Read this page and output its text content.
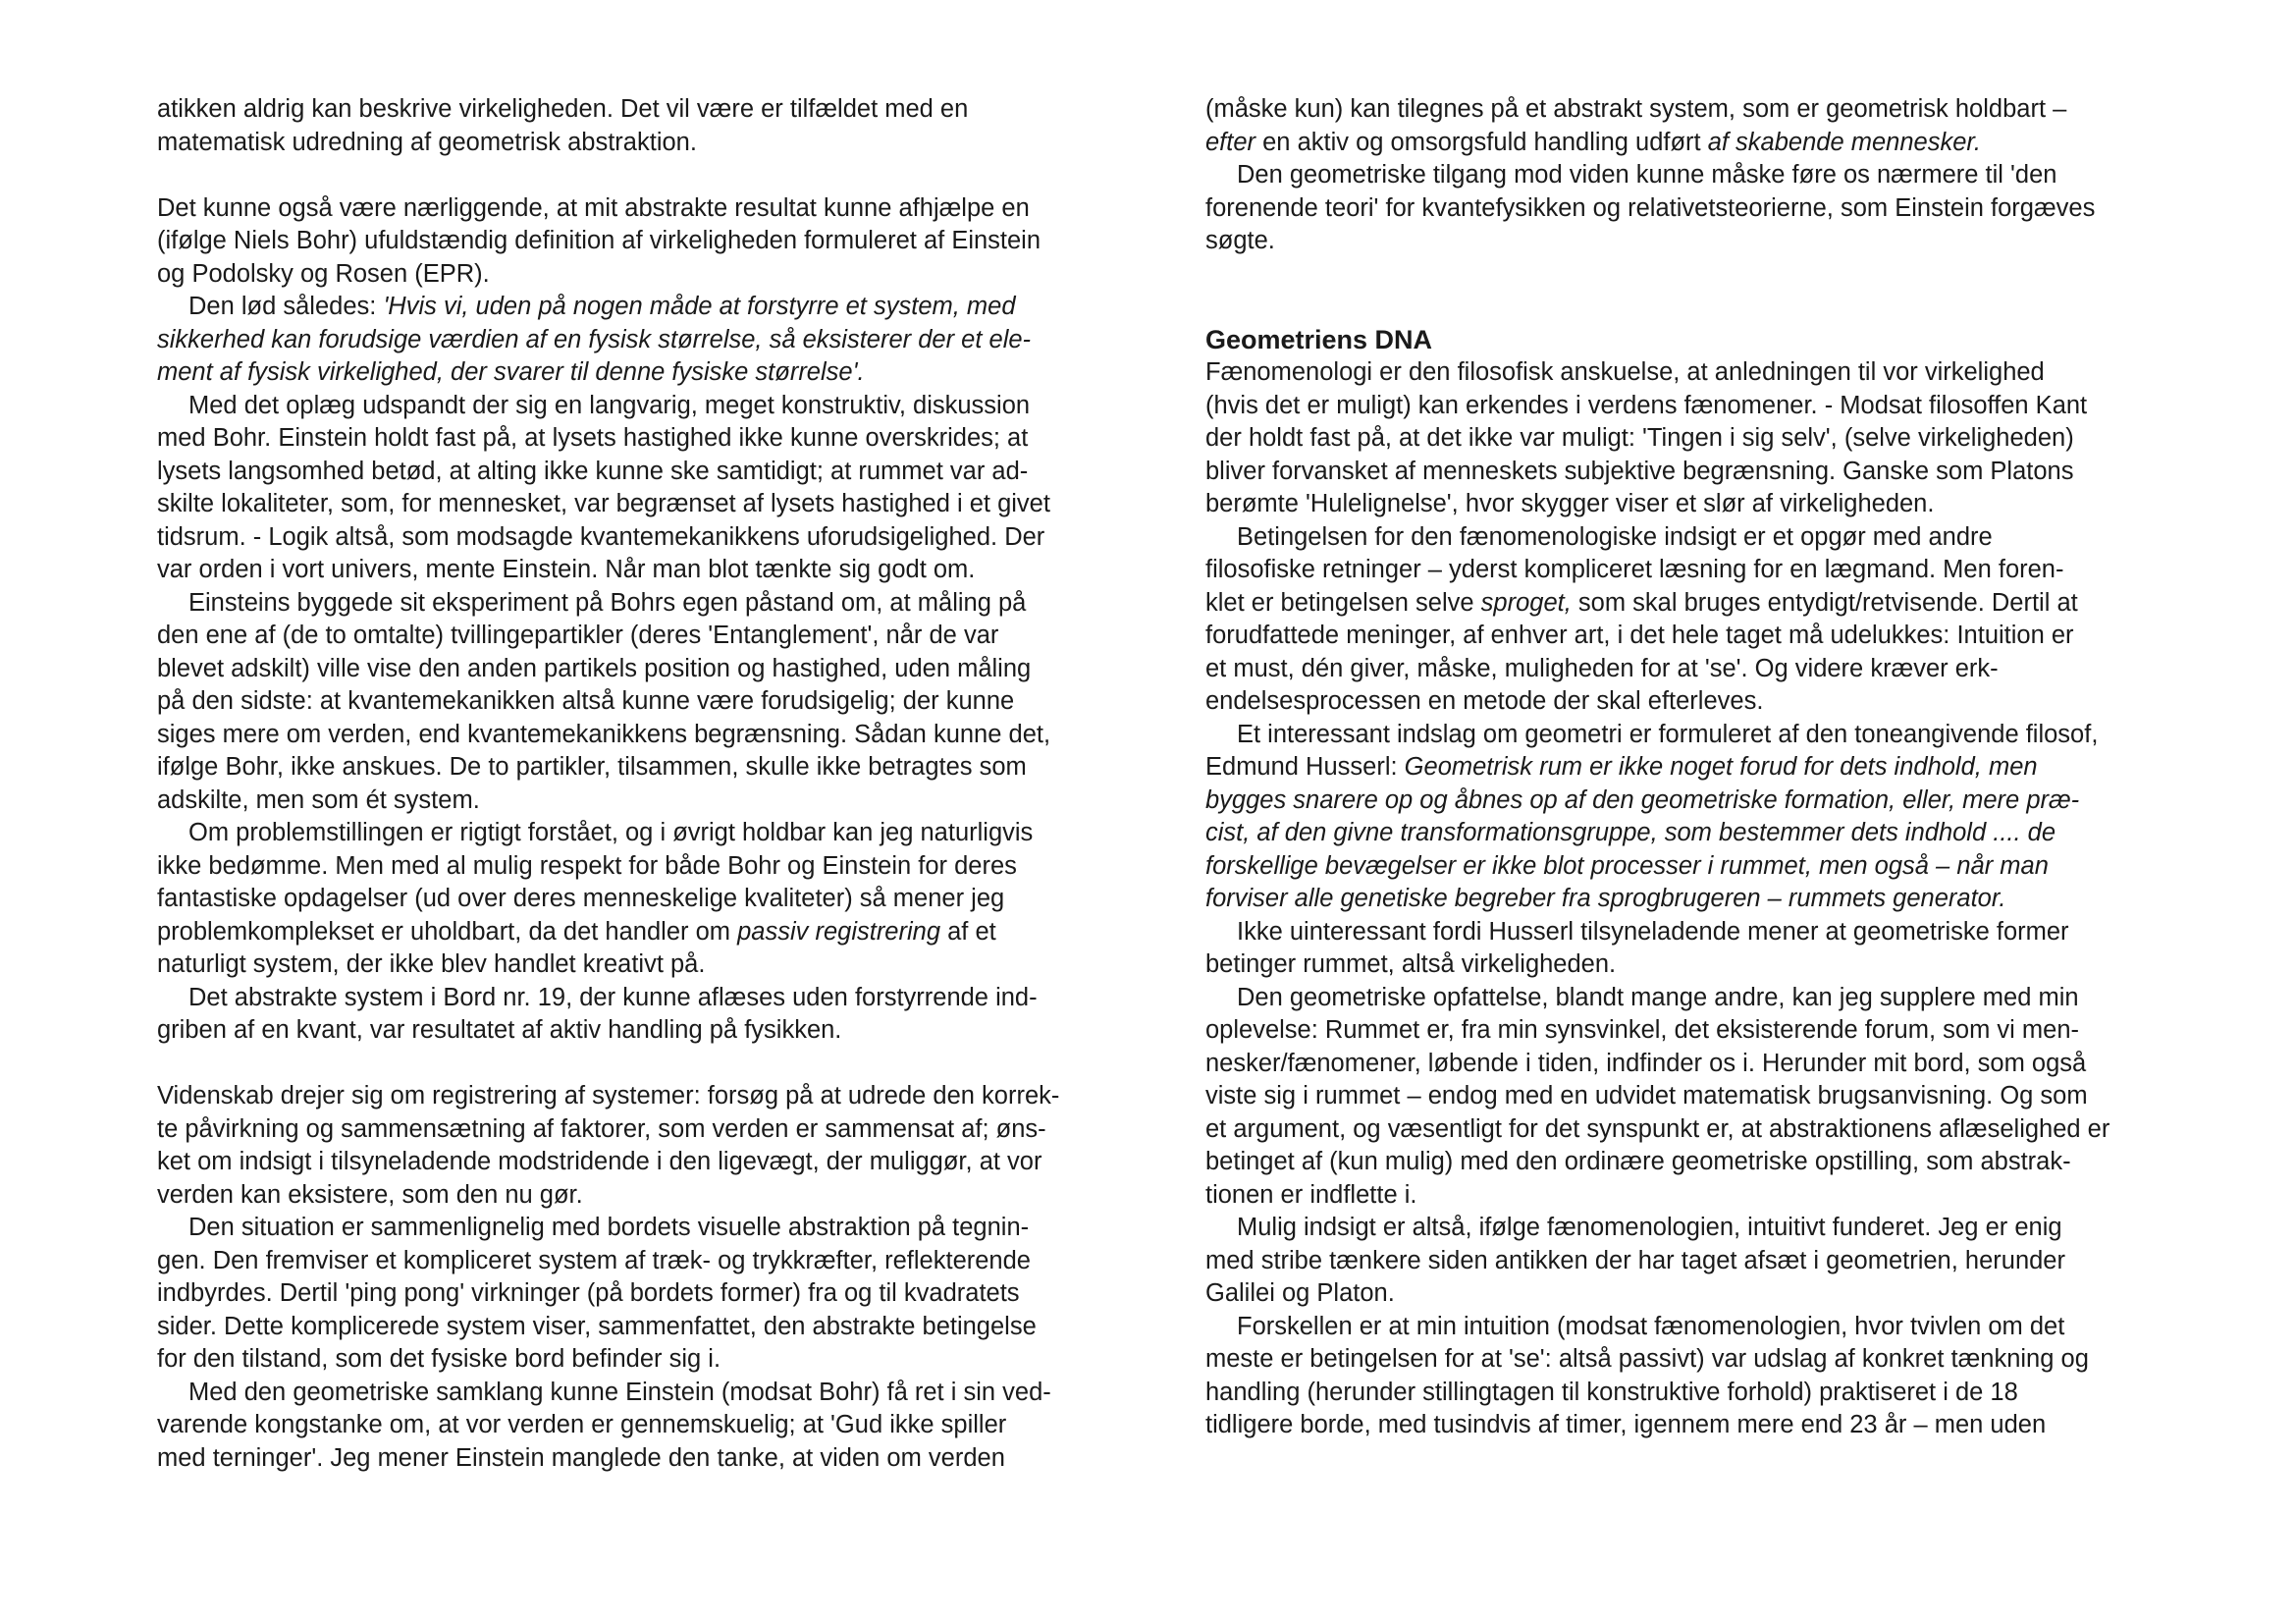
atikken aldrig kan beskrive virkeligheden. Det vil være er tilfældet med en
matematisk udredning af geometrisk abstraktion.

Det kunne også være nærliggende, at mit abstrakte resultat kunne afhjælpe en
(ifølge Niels Bohr) ufuldstændig definition af virkeligheden formuleret af Einstein
og Podolsky og Rosen (EPR).

Den lød således: 'Hvis vi, uden på nogen måde at forstyrre et system, med
sikkerhed kan forudsige værdien af en fysisk størrelse, så eksisterer der et ele-
ment af fysisk virkelighed, der svarer til denne fysiske størrelse'.

Med det oplæg udspandt der sig en langvarig, meget konstruktiv, diskussion
med Bohr. Einstein holdt fast på, at lysets hastighed ikke kunne overskrides; at
lysets langsomhed betød, at alting ikke kunne ske samtidigt; at rummet var ad-
skilte lokaliteter, som, for mennesket, var begrænset af lysets hastighed i et givet
tidsrum. - Logik altså, som modsagde kvantemekanikkens uforudsigelighed. Der
var orden i vort univers, mente Einstein. Når man blot tænkte sig godt om.

Einsteins byggede sit eksperiment på Bohrs egen påstand om, at måling på
den ene af (de to omtalte) tvillingepartikler (deres 'Entanglement', når de var
blevet adskilt) ville vise den anden partikels position og hastighed, uden måling
på den sidste: at kvantemekanikken altså kunne være forudsigelig; der kunne
siges mere om verden, end kvantemekanikkens begrænsning. Sådan kunne det,
ifølge Bohr, ikke anskues. De to partikler, tilsammen, skulle ikke betragtes som
adskilte, men som ét system.

Om problemstillingen er rigtigt forstået, og i øvrigt holdbar kan jeg naturligvis
ikke bedømme. Men med al mulig respekt for både Bohr og Einstein for deres
fantastiske opdagelser (ud over deres menneskelige kvaliteter) så mener jeg
problemkomplekset er uholdbart, da det handler om passiv registrering af et
naturligt system, der ikke blev handlet kreativt på.

Det abstrakte system i Bord nr. 19, der kunne aflæses uden forstyrrende ind-
griben af en kvant, var resultatet af aktiv handling på fysikken.

Videnskab drejer sig om registrering af systemer: forsøg på at udrede den korrek-
te påvirkning og sammensætning af faktorer, som verden er sammensat af; øns-
ket om indsigt i tilsyneladende modstridende i den ligevægt, der muliggør, at vor
verden kan eksistere, som den nu gør.

Den situation er sammenlignelig med bordets visuelle abstraktion på tegnin-
gen. Den fremviser et kompliceret system af træk- og trykkræfter, reflekterende
indbyrdes. Dertil 'ping pong' virkninger (på bordets former) fra og til kvadratets
sider. Dette komplicerede system viser, sammenfattet, den abstrakte betingelse
for den tilstand, som det fysiske bord befinder sig i.

Med den geometriske samklang kunne Einstein (modsat Bohr) få ret i sin ved-
varende kongstanke om, at vor verden er gennemskuelig; at 'Gud ikke spiller
med terninger'. Jeg mener Einstein manglede den tanke, at viden om verden

(måske kun) kan tilegnes på et abstrakt system, som er geometrisk holdbart –
efter en aktiv og omsorgsfuld handling udført af skabende mennesker.

Den geometriske tilgang mod viden kunne måske føre os nærmere til 'den
forenende teori' for kvantefysikken og relativetsteorierne, som Einstein forgæves
søgte.

Geometriens DNA

Fænomenologi er den filosofisk anskuelse, at anledningen til vor virkelighed
(hvis det er muligt) kan erkendes i verdens fænomener. - Modsat filosoffen Kant
der holdt fast på, at det ikke var muligt: 'Tingen i sig selv', (selve virkeligheden)
bliver forvansket af menneskets subjektive begrænsning. Ganske som Platons
berømte 'Hulelignelse', hvor skygger viser et slør af virkeligheden.

Betingelsen for den fænomenologiske indsigt er et opgør med andre
filosofiske retninger – yderst kompliceret læsning for en lægmand. Men foren-
klet er betingelsen selve sproget, som skal bruges entydigt/retvisende. Dertil at
forudfattede meninger, af enhver art, i det hele taget må udelukkes: Intuition er
et must, dén giver, måske, muligheden for at 'se'. Og videre kræver erk-
endelsesprocessen en metode der skal efterleves.

Et interessant indslag om geometri er formuleret af den toneangivende filosof,
Edmund Husserl: Geometrisk rum er ikke noget forud for dets indhold, men
bygges snarere op og åbnes op af den geometriske formation, eller, mere præ-
cist, af den givne transformationsgruppe, som bestemmer dets indhold .... de
forskellige bevægelser er ikke blot processer i rummet, men også – når man
forviser alle genetiske begreber fra sprogbrugeren – rummets generator.

Ikke uinteressant fordi Husserl tilsyneladende mener at geometriske former
betinger rummet, altså virkeligheden.

Den geometriske opfattelse, blandt mange andre, kan jeg supplere med min
oplevelse: Rummet er, fra min synsvinkel, det eksisterende forum, som vi men-
nesker/fænomener, løbende i tiden, indfinder os i. Herunder mit bord, som også
viste sig i rummet – endog med en udvidet matematisk brugsanvisning. Og som
et argument, og væsentligt for det synspunkt er, at abstraktionens aflæselighed er
betinget af (kun mulig) med den ordinære geometriske opstilling, som abstrak-
tionen er indflette i.

Mulig indsigt er altså, ifølge fænomenologien, intuitivt funderet. Jeg er enig
med stribe tænkere siden antikken der har taget afsæt i geometrien, herunder
Galilei og Platon.

Forskellen er at min intuition (modsat fænomenologien, hvor tvivlen om det
meste er betingelsen for at 'se': altså passivt) var udslag af konkret tænkning og
handling (herunder stillingtagen til konstruktive forhold) praktiseret i de 18
tidligere borde, med tusindvis af timer, igennem mere end 23 år – men uden
